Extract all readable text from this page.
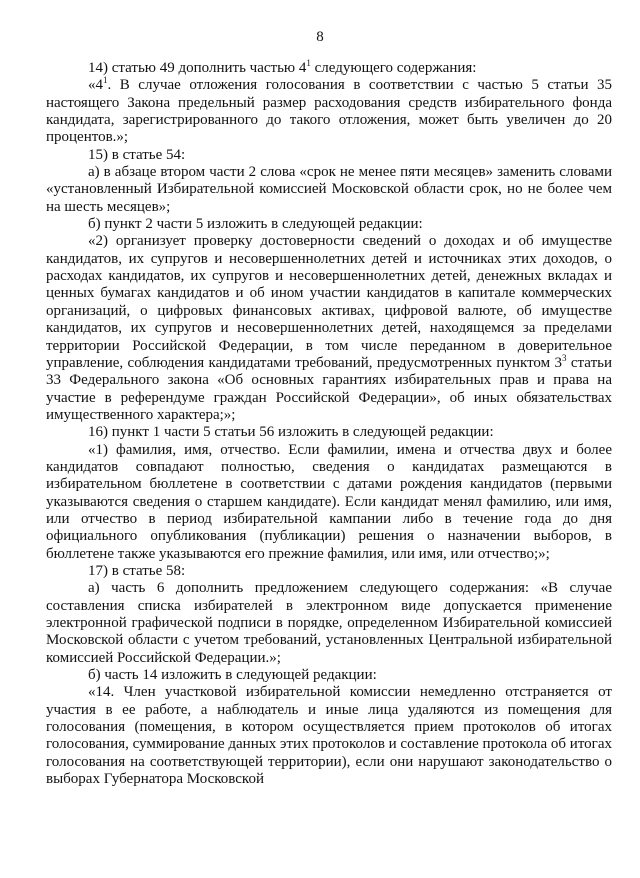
8

14) статью 49 дополнить частью $4^1$ следующего содержания:

«$4^1$. В случае отложения голосования в соответствии с частью 5 статьи 35 настоящего Закона предельный размер расходования средств избирательного фонда кандидата, зарегистрированного до такого отложения, может быть увеличен до 20 процентов.»;

15) в статье 54:

а) в абзаце втором части 2 слова «срок не менее пяти месяцев» заменить словами «установленный Избирательной комиссией Московской области срок, но не более чем на шесть месяцев»;

б) пункт 2 части 5 изложить в следующей редакции:

«2) организует проверку достоверности сведений о доходах и об имуществе кандидатов, их супругов и несовершеннолетних детей и источниках этих доходов, о расходах кандидатов, их супругов и несовершеннолетних детей, денежных вкладах и ценных бумагах кандидатов и об ином участии кандидатов в капитале коммерческих организаций, о цифровых финансовых активах, цифровой валюте, об имуществе кандидатов, их супругов и несовершеннолетних детей, находящемся за пределами территории Российской Федерации, в том числе переданном в доверительное управление, соблюдения кандидатами требований, предусмотренных пунктом $3^3$ статьи 33 Федерального закона «Об основных гарантиях избирательных прав и права на участие в референдуме граждан Российской Федерации», об иных обязательствах имущественного характера;»;

16) пункт 1 части 5 статьи 56 изложить в следующей редакции:

«1) фамилия, имя, отчество. Если фамилии, имена и отчества двух и более кандидатов совпадают полностью, сведения о кандидатах размещаются в избирательном бюллетене в соответствии с датами рождения кандидатов (первыми указываются сведения о старшем кандидате). Если кандидат менял фамилию, или имя, или отчество в период избирательной кампании либо в течение года до дня официального опубликования (публикации) решения о назначении выборов, в бюллетене также указываются его прежние фамилия, или имя, или отчество;»;

17) в статье 58:

а) часть 6 дополнить предложением следующего содержания: «В случае составления списка избирателей в электронном виде допускается применение электронной графической подписи в порядке, определенном Избирательной комиссией Московской области с учетом требований, установленных Центральной избирательной комиссией Российской Федерации.»;

б) часть 14 изложить в следующей редакции:

«14. Член участковой избирательной комиссии немедленно отстраняется от участия в ее работе, а наблюдатель и иные лица удаляются из помещения для голосования (помещения, в котором осуществляется прием протоколов об итогах голосования, суммирование данных этих протоколов и составление протокола об итогах голосования на соответствующей территории), если они нарушают законодательство о выборах Губернатора Московской
